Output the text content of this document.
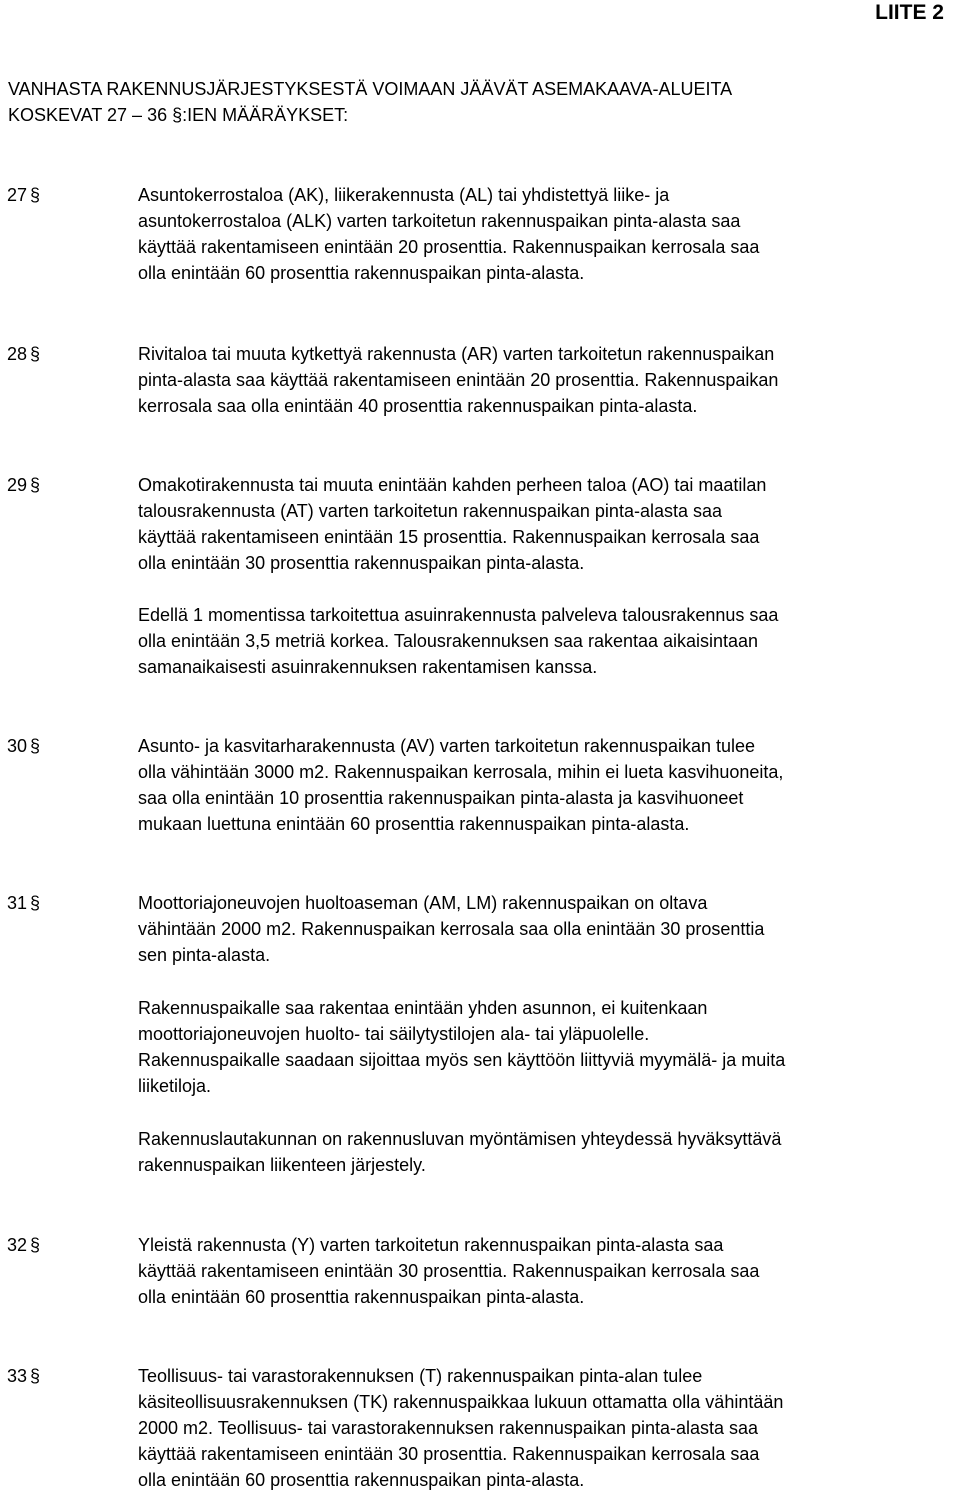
LIITE 2
VANHASTA RAKENNUSJÄRJESTYKSESTÄ VOIMAAN JÄÄVÄT ASEMAKAAVA-ALUEITA
KOSKEVAT 27 – 36 §:IEN MÄÄRÄYKSET:
27 §	Asuntokerrostaloa (AK), liikerakennusta (AL) tai yhdistettyä liike- ja
asuntokerrostaloa (ALK) varten tarkoitetun rakennuspaikan pinta-alasta saa
käyttää rakentamiseen enintään 20 prosenttia. Rakennuspaikan kerrosala saa
olla enintään 60 prosenttia rakennuspaikan pinta-alasta.

28 §	Rivitaloa tai muuta kytkettyä rakennusta (AR) varten tarkoitetun rakennuspaikan
pinta-alasta saa käyttää rakentamiseen enintään 20 prosenttia. Rakennuspaikan
kerrosala saa olla enintään 40 prosenttia rakennuspaikan pinta-alasta.

29 §	Omakotirakennusta tai muuta enintään kahden perheen taloa (AO) tai maatilan
talousrakennusta (AT) varten tarkoitetun rakennuspaikan pinta-alasta saa
käyttää rakentamiseen enintään 15 prosenttia. Rakennuspaikan kerrosala saa
olla enintään 30 prosenttia rakennuspaikan pinta-alasta.

Edellä 1 momentissa tarkoitettua asuinrakennusta palveleva talousrakennus saa
olla enintään 3,5 metriä korkea. Talousrakennuksen saa rakentaa aikaisintaan
samanaikaisesti asuinrakennuksen rakentamisen kanssa.

30 §	Asunto- ja kasvitarharakennusta (AV) varten tarkoitetun rakennuspaikan tulee
olla vähintään 3000 m2. Rakennuspaikan kerrosala, mihin ei lueta kasvihuoneita,
saa olla enintään 10 prosenttia rakennuspaikan pinta-alasta ja kasvihuoneet
mukaan luettuna enintään 60 prosenttia rakennuspaikan pinta-alasta.

31 §	Moottoriajoneuvojen huoltoaseman (AM, LM) rakennuspaikan on oltava
vähintään 2000 m2. Rakennuspaikan kerrosala saa olla enintään 30 prosenttia
sen pinta-alasta.

Rakennuspaikalle saa rakentaa enintään yhden asunnon, ei kuitenkaan
moottoriajoneuvojen huolto- tai säilytystilojen ala- tai yläpuolelle.
Rakennuspaikalle saadaan sijoittaa myös sen käyttöön liittyviä myymälä- ja muita
liiketiloja.

Rakennuslautakunnan on rakennusluvan myöntämisen yhteydessä hyväksyttävä
rakennuspaikan liikenteen järjestely.

32 §	Yleistä rakennusta (Y) varten tarkoitetun rakennuspaikan pinta-alasta saa
käyttää rakentamiseen enintään 30 prosenttia. Rakennuspaikan kerrosala saa
olla enintään 60 prosenttia rakennuspaikan pinta-alasta.

33 §	Teollisuus- tai varastorakennuksen (T) rakennuspaikan pinta-alan tulee
käsiteollisuusrakennuksen (TK) rakennuspaikkaa lukuun ottamatta olla vähintään
2000 m2. Teollisuus- tai varastorakennuksen rakennuspaikan pinta-alasta saa
käyttää rakentamiseen enintään 30 prosenttia. Rakennuspaikan kerrosala saa
olla enintään 60 prosenttia rakennuspaikan pinta-alasta.
